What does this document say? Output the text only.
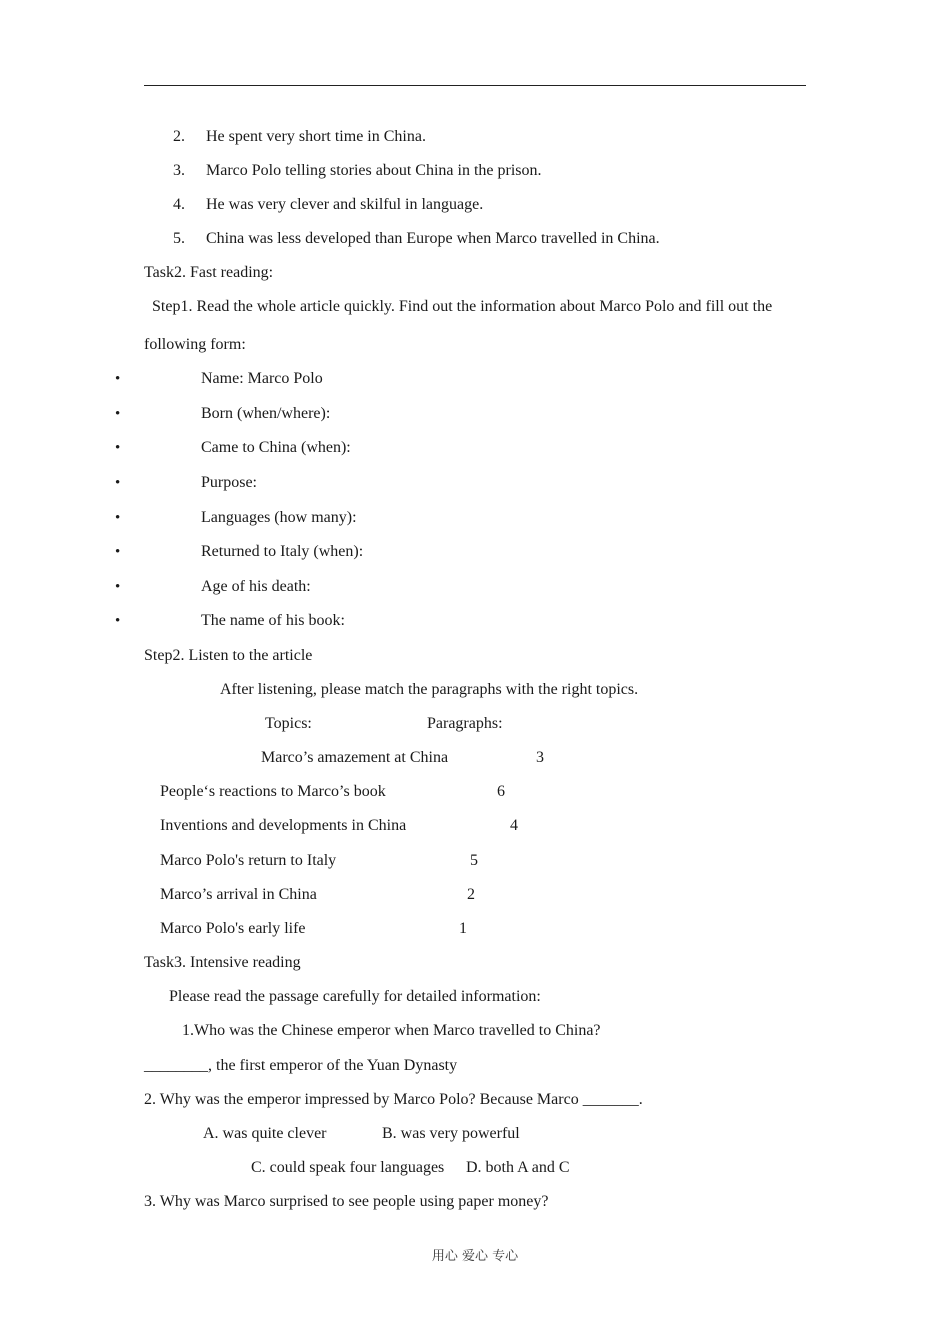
2. He spent very short time in China.
3. Marco Polo telling stories about China in the prison.
4. He was very clever and skilful in language.
5. China was less developed than Europe when Marco travelled in China.
Task2. Fast reading:
Step1. Read the whole article quickly. Find out the information about Marco Polo and fill out the
following form:
•	Name: Marco Polo
•	Born (when/where):
•	Came to China (when):
•	Purpose:
•	Languages (how many):
•	Returned to Italy (when):
•	Age of his death:
•	The name of his book:
Step2. Listen to the article
After listening, please match the paragraphs with the right topics.
Topics:	Paragraphs:
Marco’s amazement at China	3
People‘s reactions to Marco’s book	6
Inventions and developments in China	4
Marco Polo's return to Italy	5
Marco’s arrival in China	2
Marco Polo's early life	1
Task3. Intensive reading
Please read the passage carefully for detailed information:
1.Who was the Chinese emperor when Marco travelled to China?
________, the first emperor of the Yuan Dynasty
2. Why was the emperor impressed by Marco Polo? Because Marco _______.
A. was quite clever	B. was very powerful
C. could speak four languages D. both A and C
3. Why was Marco surprised to see people using paper money?
用心 爱心 专心
